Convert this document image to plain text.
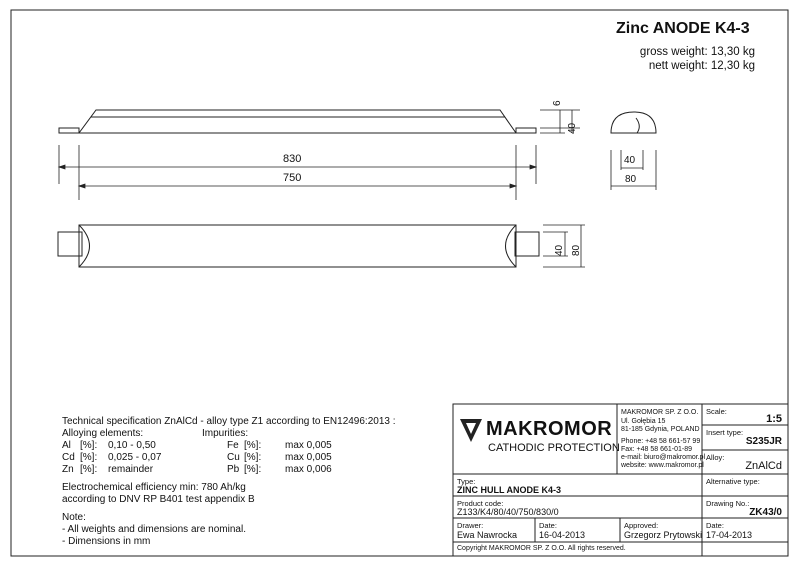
Zinc ANODE K4-3
gross weight: 13,30 kg
nett weight: 12,30 kg
830
750
6
40
40
80
40 80
Technical specification ZnAlCd - alloy type Z1 according to EN12496:2013 :
Alloying elements:	Impurities:
Al [%]: 0,10 - 0,50	Fe [%]: max 0,005
Cd [%]: 0,025 - 0,07	Cu [%]: max 0,005
Zn [%]: remainder	Pb [%]: max 0,006
Electrochemical efficiency min: 780 Ah/kg
according to DNV RP B401 test appendix B
Note:
- All weights and dimensions are nominal.
- Dimensions in mm
MAKROMOR
CATHODIC PROTECTION
MAKROMOR SP. Z O.O.
Ul. Gołębia 15
81-185 Gdynia, POLAND
Phone: +48 58 661-57 99
Fax: +48 58 661-01-89
e-mail: biuro@makromor.pl
website: www.makromor.pl
Scale:
1:5
Insert type:
S235JR
Alloy:
ZnAlCd
Alternative type:
Type:
ZINC HULL ANODE K4-3
Product code:
Z133/K4/80/40/750/830/0
Drawing No.:
ZK43/0
Drawer:
Ewa Nawrocka
Date:
16-04-2013
Approved:
Grzegorz Prytowski
Date:
17-04-2013
Copyright MAKROMOR SP. Z O.O. All rights reserved.
